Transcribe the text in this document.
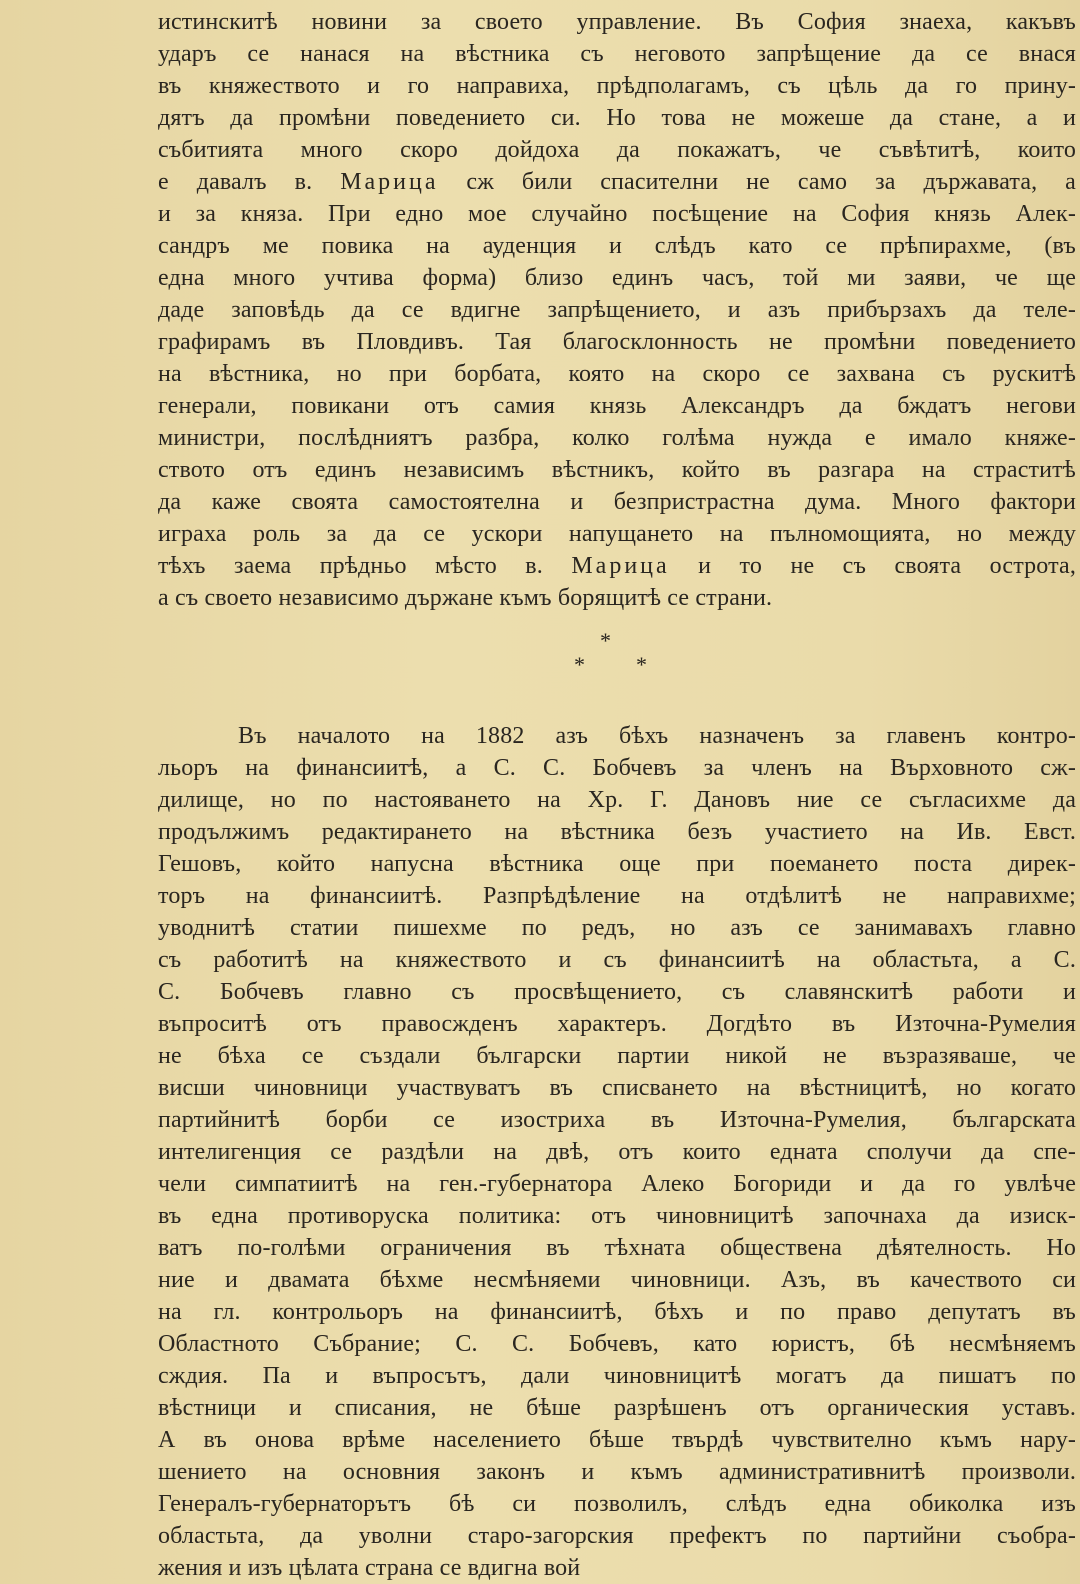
истинскитѣ новини за своето управление. Въ София знаеха, какъвъ
ударъ се нанася на вѣстника съ неговото запрѣщение да се внася
въ княжеството и го направиха, прѣдполагамъ, съ цѣль да го прину-
дятъ да промѣни поведението си. Но това не можеше да стане, а и
събитията много скоро дойдоха да покажатъ, че съвѣтитѣ, които
е давалъ в. Марица сж били спасителни не само за държавата, а
и за княза. При едно мое случайно посѣщение на София князь Алек-
сандръ ме повика на ауденция и слѣдъ като се прѣпирахме, (въ
една много учтива форма) близо единъ часъ, той ми заяви, че ще
даде заповѣдь да се вдигне запрѣщението, и азъ прибързахъ да теле-
графирамъ въ Пловдивъ. Тая благосклонность не промѣни поведението
на вѣстника, но при борбата, която на скоро се захвана съ рускитѣ
генерали, повикани отъ самия князь Александръ да бждатъ негови
министри, послѣдниятъ разбра, колко голѣма нужда е имало княже-
ството отъ единъ независимъ вѣстникъ, който въ разгара на страститѣ
да каже своята самостоятелна и безпристрастна дума. Много фактори
играха роль за да се ускори напущането на пълномощията, но между
тѣхъ заема прѣдньо мѣсто в. Марица и то не съ своята острота,
а съ своето независимо държане къмъ борящитѣ се страни.
*
* *
Въ началото на 1882 азъ бѣхъ назначенъ за главенъ контро-
льоръ на финансиитѣ, а С. С. Бобчевъ за членъ на Върховното сж-
дилище, но по настояването на Хр. Г. Дановъ ние се съгласихме да
продължимъ редактирането на вѣстника безъ участието на Ив. Евст.
Гешовъ, който напусна вѣстника още при поемането поста дирек-
торъ на финансиитѣ. Разпрѣдѣление на отдѣлитѣ не направихме;
уводнитѣ статии пишехме по редъ, но азъ се занимавахъ главно
съ работитѣ на княжеството и съ финансиитѣ на областьта, а С.
С. Бобчевъ главно съ просвѣщението, съ славянскитѣ работи и
въпроситѣ отъ правосжденъ характеръ. Догдѣто въ Източна-Румелия
не бѣха се създали български партии никой не възразяваше, че
висши чиновници участвуватъ въ списването на вѣстницитѣ, но когато
партийнитѣ борби се изостриха въ Източна-Румелия, българската
интелигенция се раздѣли на двѣ, отъ които едната сполучи да спе-
чели симпатиитѣ на ген.-губернатора Алеко Богориди и да го увлѣче
въ една противоруска политика: отъ чиновницитѣ започнаха да изиск-
ватъ по-голѣми ограничения въ тѣхната обществена дѣятелность. Но
ние и двамата бѣхме несмѣняеми чиновници. Азъ, въ качеството си
на гл. контрольоръ на финансиитѣ, бѣхъ и по право депутатъ въ
Областното Събрание; С. С. Бобчевъ, като юристъ, бѣ несмѣняемъ
сждия. Па и въпросътъ, дали чиновницитѣ могатъ да пишатъ по
вѣстници и списания, не бѣше разрѣшенъ отъ органическия уставъ.
А въ онова врѣме населението бѣше твърдѣ чувствително къмъ нару-
шението на основния законъ и къмъ административнитѣ произволи.
Генералъ-губернаторътъ бѣ си позволилъ, слѣдъ една обиколка изъ
областьта, да уволни старо-загорския префектъ по партийни съобра-
жения и изъ цѣлата страна се вдигна вой
